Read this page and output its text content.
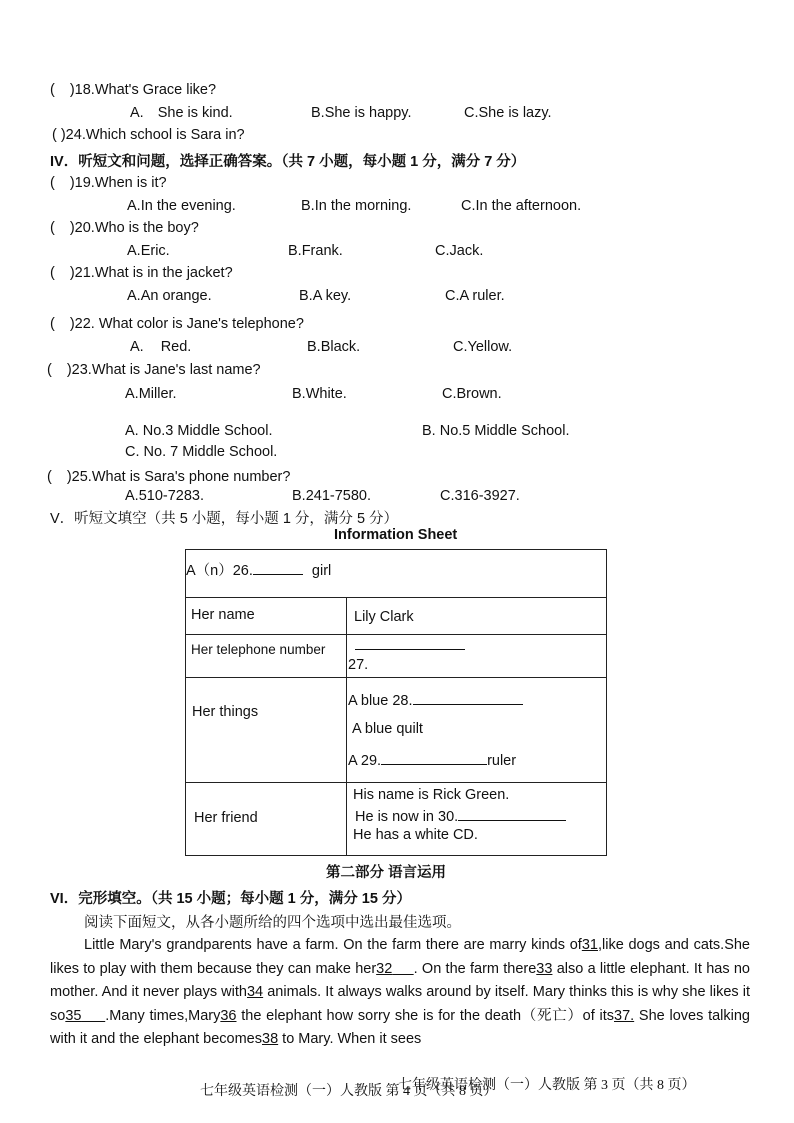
( )18.What's Grace like?
A. She is kind.	B.She is happy.	C.She is lazy.
( )24.Which school is Sara in?
IV．听短文和问题，选择正确答案。（共 7 小题，每小题 1 分，满分 7 分）
( )19.When is it?
A.In the evening.	B.In the morning.	C.In the afternoon.
( )20.Who is the boy?
A.Eric.	B.Frank.	C.Jack.
( )21.What is in the jacket?
A.An orange.	B.A key.	C.A ruler.
( )22. What color is Jane's telephone?
A. Red.	B.Black.	C.Yellow.
( )23.What is Jane's last name?
A.Miller.	B.White.	C.Brown.
A. No.3 Middle School.	B. No.5 Middle School.
C. No. 7 Middle School.
( )25.What is Sara's phone number?
A.510-7283.	B.241-7580.	C.316-3927.
V．听短文填空（共 5 小题，每小题 1 分，满分 5 分）
Information Sheet
A（n）26. girl	

Her name	Lily Clark

Her telephone number	27.

Her things	A blue 28.
A blue quilt
A 29. ruler

Her friend	His name is Rick Green.
He is now in 30.
He has a white CD.
第二部分 语言运用
VI．完形填空。（共 15 小题；每小题 1 分，满分 15 分）
阅读下面短文，从各小题所给的四个选项中选出最佳选项。
Little Mary's grandparents have a farm. On the farm there are marry kinds of31,like dogs and cats.She likes to play with them because they can make her32 . On the farm there33 also a little elephant. It has no mother. And it never plays with34 animals. It always walks around by itself. Mary thinks this is why she likes it so35 .Many times,Mary36 the elephant how sorry she is for the death（死亡）of its37. She loves talking with it and the elephant becomes38 to Mary. When it sees
七年级英语检测（一）人教版 第 4 页（共 8 页）
七年级英语检测（一）人教版 第 3 页（共 8 页）
